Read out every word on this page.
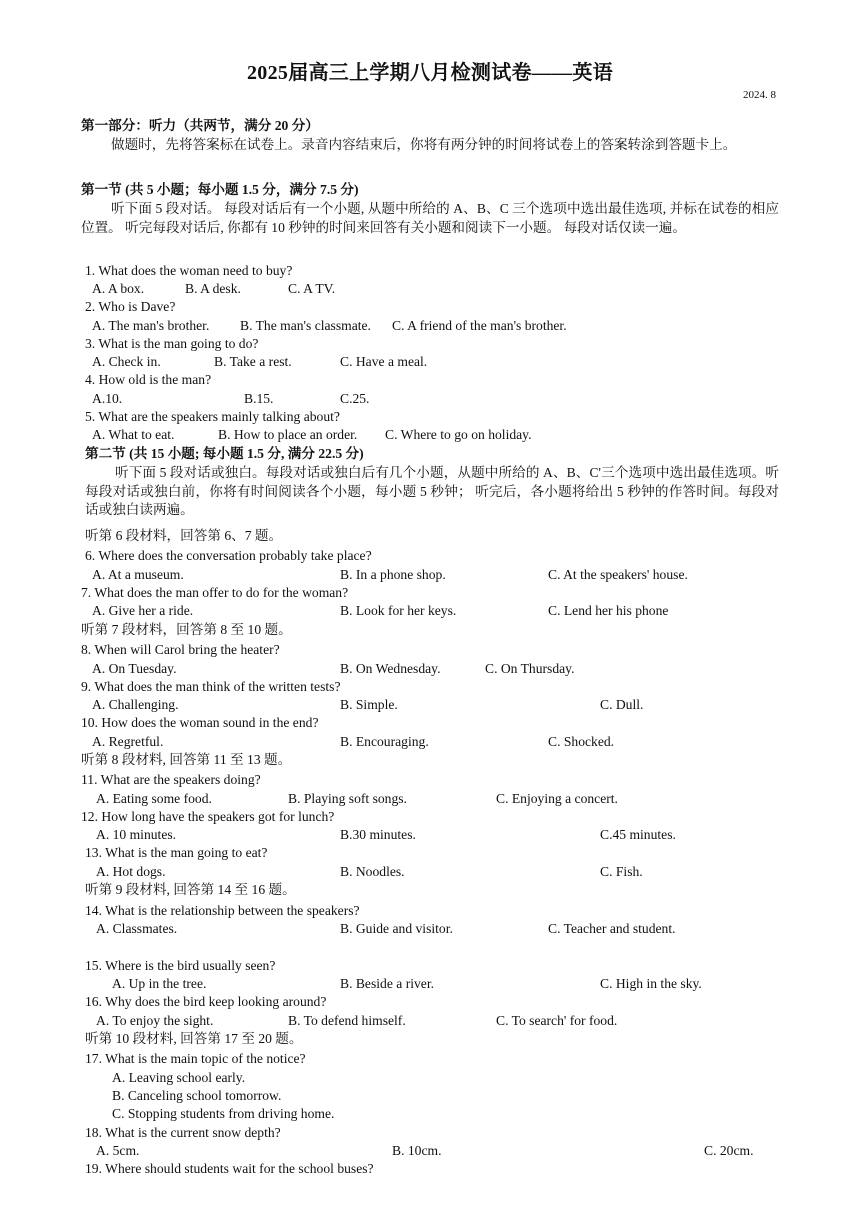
2025届高三上学期八月检测试卷——英语
2024. 8
第一部分：听力（共两节，满分 20 分）
做题时，先将答案标在试卷上。录音内容结束后，你将有两分钟的时间将试卷上的答案转涂到答题卡上。
第一节 (共 5 小题；每小题 1.5 分，满分 7.5 分)
听下面 5 段对话。 每段对话后有一个小题, 从题中所给的 A、B、C 三个选项中选出最佳选项, 并标在试卷的相应位置。 听完每段对话后, 你都有 10 秒钟的时间来回答有关小题和阅读下一小题。 每段对话仅读一遍。
1. What does the woman need to buy?
A. A box.	B. A desk.	C. A TV.
2. Who is Dave?
A. The man's brother. B. The man's classmate. C. A friend of the man's brother.
3. What is the man going to do?
A. Check in.	B. Take a rest.	C. Have a meal.
4. How old is the man?
A.10.	B.15.	C.25.
5. What are the speakers mainly talking about?
A. What to eat.	B. How to place an order. C. Where to go on holiday.
第二节 (共 15 小题; 每小题 1.5 分, 满分 22.5 分)
听下面 5 段对话或独白。每段对话或独白后有几个小题，从题中所给的 A、B、C'三个选项中选出最佳选项。听每段对话或独白前，你将有时间阅读各个小题，每小题 5 秒钟； 听完后，各小题将给出 5 秒钟的作答时间。每段对话或独白读两遍。
听第 6 段材料，回答第 6、7 题。
6. Where does the conversation probably take place?
A. At a museum.	B. In a phone shop.	C. At the speakers' house.
7. What does the man offer to do for the woman?
A. Give her a ride.	B. Look for her keys.	C. Lend her his phone
听第 7 段材料，回答第 8 至 10 题。
8. When will Carol bring the heater?
A. On Tuesday.	B. On Wednesday.	C. On Thursday.
9. What does the man think of the written tests?
A. Challenging.	B. Simple.	C. Dull.
10. How does the woman sound in the end?
A. Regretful.	B. Encouraging.	C. Shocked.
听第 8 段材料, 回答第 11 至 13 题。
11. What are the speakers doing?
A. Eating some food.	B. Playing soft songs.	C. Enjoying a concert.
12. How long have the speakers got for lunch?
A. 10 minutes.	B.30 minutes.	C.45 minutes.
13. What is the man going to eat?
A. Hot dogs.	B. Noodles.	C. Fish.
听第 9 段材料, 回答第 14 至 16 题。
14. What is the relationship between the speakers?
A. Classmates.	B. Guide and visitor.	C. Teacher and student.
15. Where is the bird usually seen?
A. Up in the tree.	B. Beside a river.	C. High in the sky.
16. Why does the bird keep looking around?
A. To enjoy the sight.	B. To defend himself.	C. To search' for food.
听第 10 段材料, 回答第 17 至 20 题。
17. What is the main topic of the notice?
A. Leaving school early.
B. Canceling school tomorrow.
C. Stopping students from driving home.
18. What is the current snow depth?
A. 5cm.	B. 10cm.	C. 20cm.
19. Where should students wait for the school buses?
